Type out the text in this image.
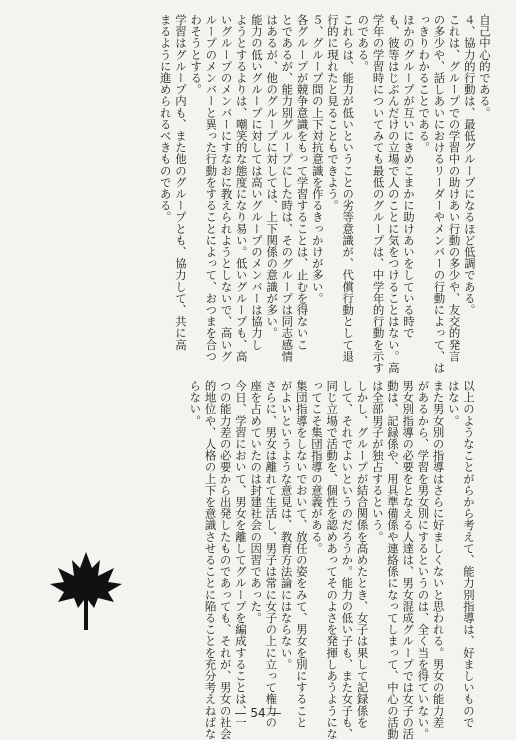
自己中心的である。
４、協力的行動は、最低グループになるほど低調である。
これは、グループでの学習中の助けあい行動の多少や、友交的発言
の多少や、話しあいにおけるリーダーやメンバーの行動によって、は
っきりわかることである。
ほかのグループが互いにきめこまかに助けあいをしている時で
も、彼等はじぶんだけの立場で人のことに気をつけることはない。高
学年の学習時についてみても最低のグループは、中学年的行動を示す
のである。
これらは、能力が低いということの劣等意識が、代償行動として退
行的に現れたと見ることもできよう。
５、グループ間の上下対抗意識を作るきっかけが多い。
各グループが競争意識をもって学習することは、止むを得ないこ
とであるが、能力別グループにした時は、そのグループは同志感情
はあるが、他のグループに対しては、上下関係の意識が多い。
能力の低いグループに対しては高いグループのメンバーは協力し
ようとするよりは、嘲笑的な態度になり易い。低いグループも、高
いグループのメンバーにすなおに教えられようとしないで、高いグ
ループのメンバーと異った行動をすることによって、おつまを合つ
わそうとする。
学習はグループ内も、また他のグループとも、協力して、共に高
まるように進められるべきものである。
以上のようなことがらから考えて、能力別指導は、好ましいもので
はない。
また男女別の指導はさらに好ましくないと思われる。男女の能力差
があるから、学習を男女別にするというのは、全く当を得ていない。
男女別指導の必要をとなえる人達は、男女混成グループでは女子の活
動は、記録係や、用具準備係や連絡係になってしまって、中心の活動
は全部男子が独占するという。
しかし、グループが結合関係を高めたとき、女子は果して記録係を
して、それでよいというのだろうか。能力の低い子も、また女子も、
同じ立場で活動を、個性を認めあってそのよさを発揮しあうようにな
ってこそ集団指導の意義がある。
集団指導をしないでおいて、放任の姿をみて、男女を別にすること
がよいというような意見は、教育方法論にはならない。
さらに、男女は離れて生活し、男子は常に女子の上に立って権力の
座を占めていたのは封建社会の因習であった。
今日、学習において、男女を離してグループを編成することは、一
つの能力差の必要から出発したものであっても、それが、男女の社会
的地位や、人格の上下を意識させることに陥ることを充分考えねばな
らない。
— 54 —
